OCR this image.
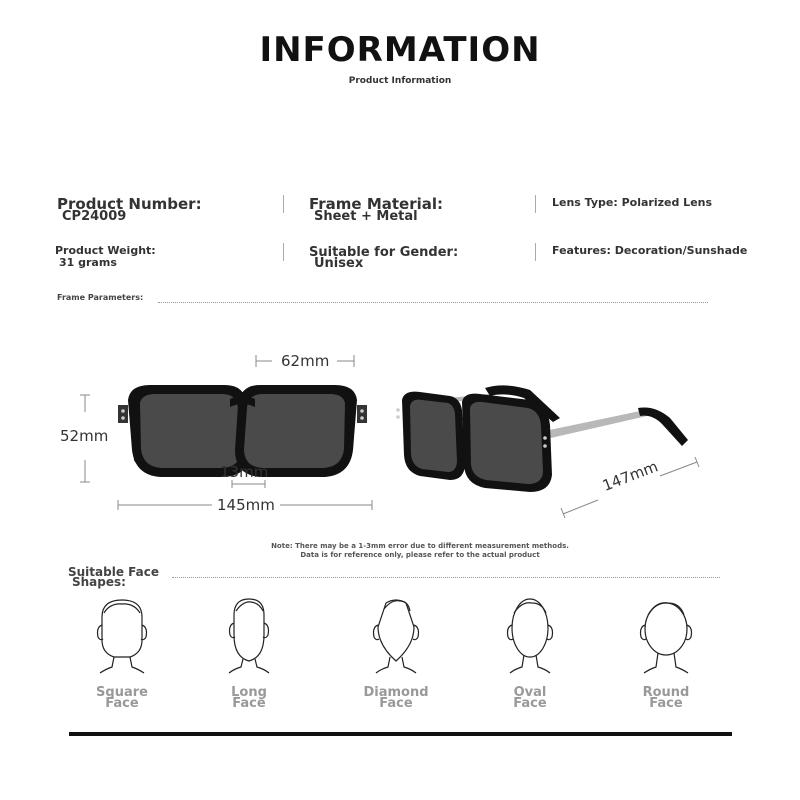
INFORMATION
Product Information
Product Number:
CP24009
Frame Material:
Sheet + Metal
Lens Type: Polarized Lens
Product Weight:
31 grams
Suitable for Gender:
Unisex
Features: Decoration/Sunshade
Frame Parameters:
62mm
52mm
13mm
145mm
147mm
Note: There may be a 1-3mm error due to different measurement methods.
Data is for reference only, please refer to the actual product
Suitable Face
Shapes:
Square
Face
Long
Face
Diamond
Face
Oval
Face
Round
Face
